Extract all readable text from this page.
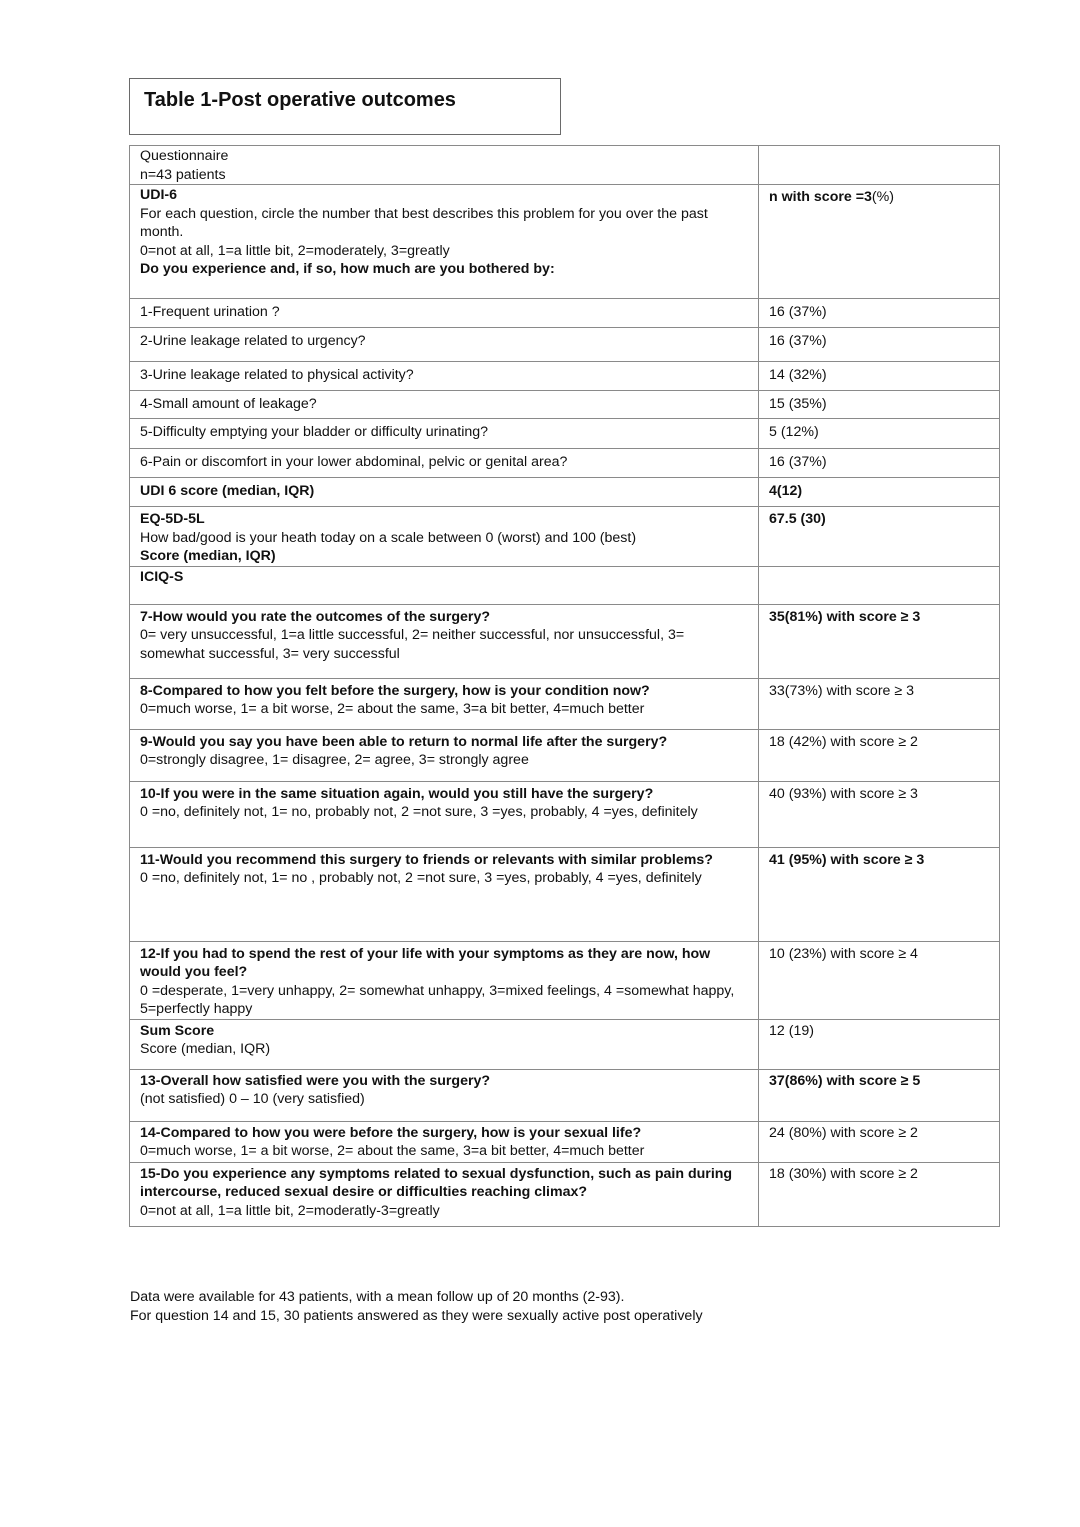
Table 1-Post operative outcomes
Questionnaire
n=43 patients	

UDI-6
For each question, circle the number that best describes this problem for you over the past month.
0=not at all, 1=a little bit, 2=moderately, 3=greatly
Do you experience and, if so, how much are you bothered by:	n with score =3(%)
1-Frequent urination ?	16 (37%)
2-Urine leakage related to urgency?	16 (37%)
3-Urine leakage related to physical activity?	14 (32%)
4-Small amount of leakage?	15 (35%)
5-Difficulty emptying your bladder or difficulty urinating?	5 (12%)
6-Pain or discomfort in your lower abdominal, pelvic or genital area?	16 (37%)
UDI 6 score (median, IQR)	4(12)

EQ-5D-5L
How bad/good is your heath today on a scale between 0 (worst) and 100 (best)
Score (median, IQR)	67.5 (30)
ICIQ-S	

7-How would you rate the outcomes of the surgery?
0= very unsuccessful, 1=a little successful, 2= neither successful, nor unsuccessful, 3= somewhat successful, 3= very successful	35(81%) with score ≥ 3

8-Compared to how you felt before the surgery, how is your condition now?
0=much worse, 1= a bit worse, 2= about the same, 3=a bit better, 4=much better	33(73%) with score ≥ 3

9-Would you say you have been able to return to normal life after the surgery?
0=strongly disagree, 1= disagree, 2= agree, 3= strongly agree	18 (42%) with score ≥ 2

10-If you were in the same situation again, would you still have the surgery?
0 =no, definitely not, 1= no, probably not, 2 =not sure, 3 =yes, probably, 4 =yes, definitely	40 (93%) with score ≥ 3

11-Would you recommend this surgery to friends or relevants with similar problems?
0 =no, definitely not, 1= no , probably not, 2 =not sure, 3 =yes, probably, 4 =yes, definitely	41 (95%) with score ≥ 3

12-If you had to spend the rest of your life with your symptoms as they are now, how would you feel?
0 =desperate, 1=very unhappy, 2= somewhat unhappy, 3=mixed feelings, 4 =somewhat happy, 5=perfectly happy	10 (23%) with score ≥ 4

Sum Score
Score (median, IQR)	12 (19)

13-Overall how satisfied were you with the surgery?
(not satisfied) 0 – 10 (very satisfied)	37(86%) with score ≥ 5

14-Compared to how you were before the surgery, how is your sexual life?
0=much worse, 1= a bit worse, 2= about the same, 3=a bit better, 4=much better	24 (80%) with score ≥ 2

15-Do you experience any symptoms related to sexual dysfunction, such as pain during intercourse, reduced sexual desire or difficulties reaching climax?
0=not at all, 1=a little bit, 2=moderatly-3=greatly	18 (30%) with score ≥ 2
Data were available for 43 patients, with a mean follow up of 20 months (2-93).
For question 14 and 15, 30 patients answered as they were sexually active post operatively
